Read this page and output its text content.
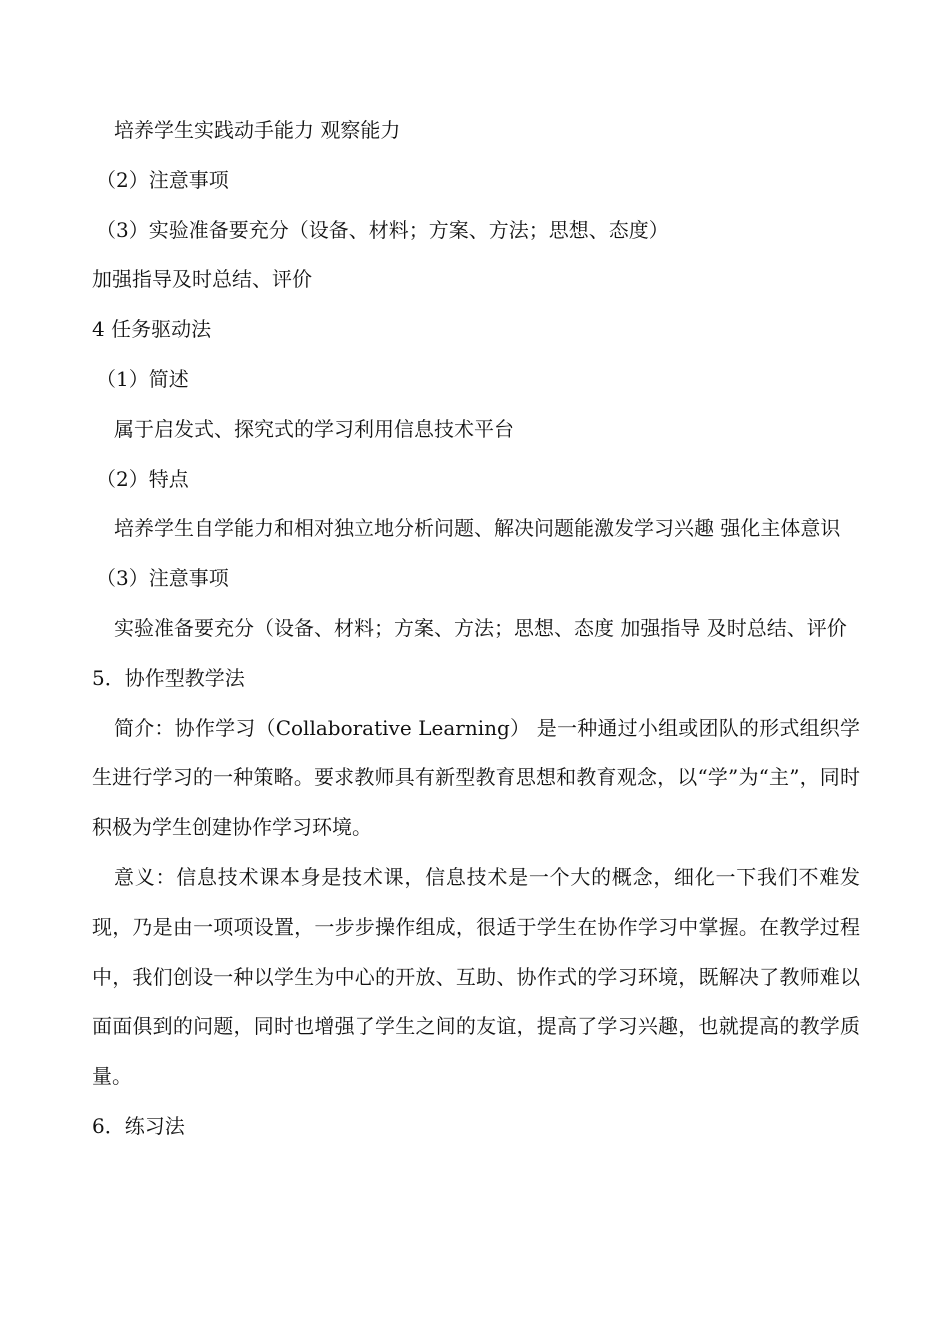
培养学生实践动手能力 观察能力

（2）注意事项

（3）实验准备要充分（设备、材料；方案、方法；思想、态度）

加强指导及时总结、评价

4 任务驱动法

（1）简述

属于启发式、探究式的学习利用信息技术平台

（2）特点

培养学生自学能力和相对独立地分析问题、解决问题能激发学习兴趣 强化主体意识

（3）注意事项

实验准备要充分（设备、材料；方案、方法；思想、态度 加强指导 及时总结、评价

5．协作型教学法

简介：协作学习（Collaborative Learning） 是一种通过小组或团队的形式组织学生进行学习的一种策略。要求教师具有新型教育思想和教育观念，以“学”为“主”，同时积极为学生创建协作学习环境。

意义：信息技术课本身是技术课，信息技术是一个大的概念，细化一下我们不难发现，乃是由一项项设置，一步步操作组成，很适于学生在协作学习中掌握。在教学过程中，我们创设一种以学生为中心的开放、互助、协作式的学习环境，既解决了教师难以面面俱到的问题，同时也增强了学生之间的友谊，提高了学习兴趣，也就提高的教学质量。

6．练习法
